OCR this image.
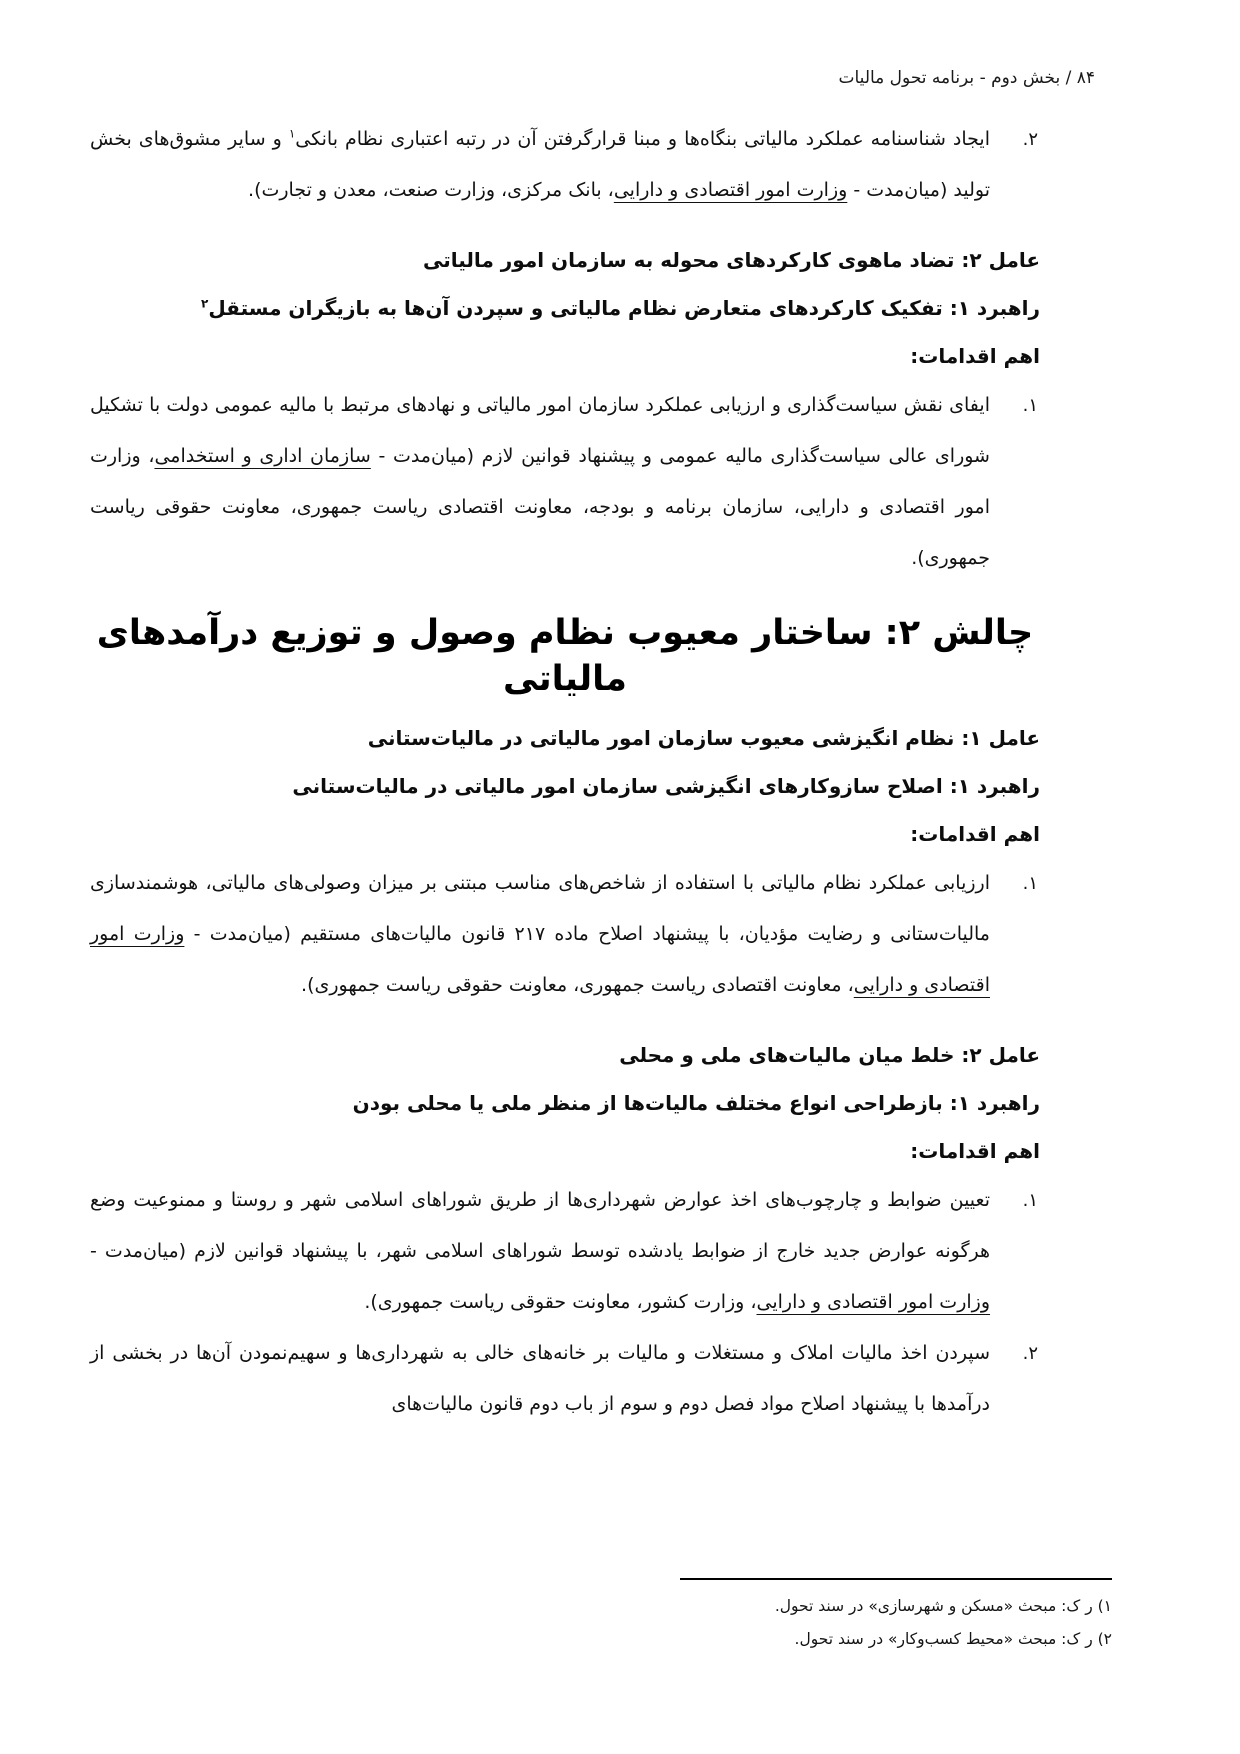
۸۴ / بخش دوم - برنامه تحول مالیات
۲.

ایجاد شناسنامه عملکرد مالیاتی بنگاه‌ها و مبنا قرارگرفتن آن در رتبه اعتباری نظام بانکی$^۱$ و سایر مشوق‌های بخش تولید (میان‌مدت - وزارت امور اقتصادی و دارایی، بانک مرکزی، وزارت صنعت، معدن و تجارت).

عامل ۲: تضاد ماهوی کارکردهای محوله به سازمان امور مالیاتی
راهبرد ۱: تفکیک کارکردهای متعارض نظام مالیاتی و سپردن آن‌ها به بازیگران مستقل$^۲$
اهم اقدامات:
۱.

ایفای نقش سیاست‌گذاری و ارزیابی عملکرد سازمان امور مالیاتی و نهادهای مرتبط با مالیه عمومی دولت با تشکیل شورای عالی سیاست‌گذاری مالیه عمومی و پیشنهاد قوانین لازم (میان‌مدت - سازمان اداری و استخدامی، وزارت امور اقتصادی و دارایی، سازمان برنامه و بودجه، معاونت اقتصادی ریاست جمهوری، معاونت حقوقی ریاست جمهوری).

چالش ۲: ساختار معیوب نظام وصول و توزیع درآمدهای مالیاتی
عامل ۱: نظام انگیزشی معیوب سازمان امور مالیاتی در مالیات‌ستانی
راهبرد ۱: اصلاح سازوکارهای انگیزشی سازمان امور مالیاتی در مالیات‌ستانی
اهم اقدامات:
۱.

ارزیابی عملکرد نظام مالیاتی با استفاده از شاخص‌های مناسب مبتنی بر میزان وصولی‌های مالیاتی، هوشمندسازی مالیات‌ستانی و رضایت مؤدیان، با پیشنهاد اصلاح ماده ۲۱۷ قانون مالیات‌های مستقیم (میان‌مدت - وزارت امور اقتصادی و دارایی، معاونت اقتصادی ریاست جمهوری، معاونت حقوقی ریاست جمهوری).

عامل ۲: خلط میان مالیات‌های ملی و محلی
راهبرد ۱: بازطراحی انواع مختلف مالیات‌ها از منظر ملی یا محلی بودن
اهم اقدامات:
۱.

تعیین ضوابط و چارچوب‌های اخذ عوارض شهرداری‌ها از طریق شوراهای اسلامی شهر و روستا و ممنوعیت وضع هرگونه عوارض جدید خارج از ضوابط یادشده توسط شوراهای اسلامی شهر، با پیشنهاد قوانین لازم (میان‌مدت - وزارت امور اقتصادی و دارایی، وزارت کشور، معاونت حقوقی ریاست جمهوری).

۲.

سپردن اخذ مالیات املاک و مستغلات و مالیات بر خانه‌های خالی به شهرداری‌ها و سهیم‌نمودن آن‌ها در بخشی از درآمدها با پیشنهاد اصلاح مواد فصل دوم و سوم از باب دوم قانون مالیات‌های

۱) ر ک: مبحث «مسکن و شهرسازی» در سند تحول.
۲) ر ک: مبحث «محیط کسب‌وکار» در سند تحول.
